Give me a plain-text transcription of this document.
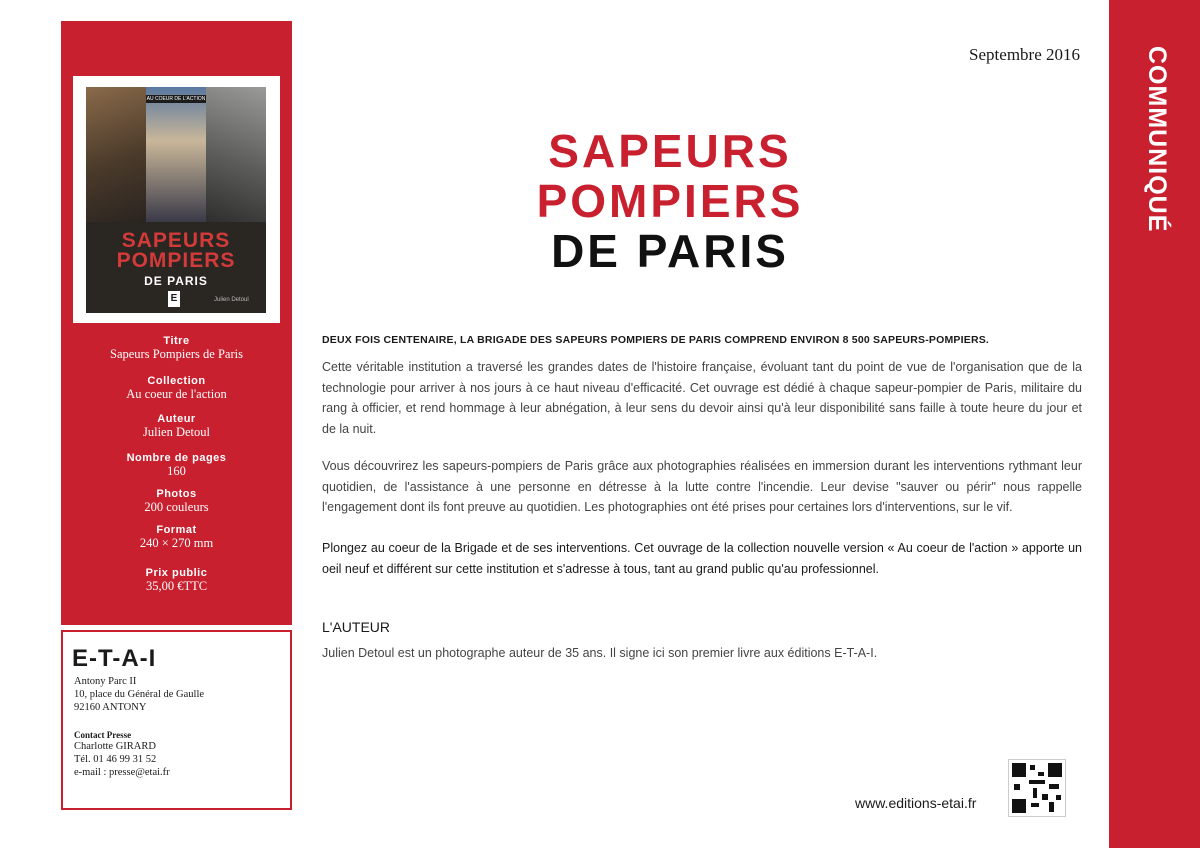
AU COEUR DE L'ACTION
SAPEURS
POMPIERS
DE PARIS
E	Julien Detoul
Titre
Sapeurs Pompiers de Paris
Collection
Au coeur de l'action
Auteur
Julien Detoul
Nombre de pages
160
Photos
200 couleurs
Format
240 × 270 mm
Prix public
35,00 €TTC
E-T-A-I
Antony Parc II
10, place du Général de Gaulle
92160 ANTONY
Contact Presse
Charlotte GIRARD
Tél. 01 46 99 31 52
e-mail : presse@etai.fr
COMMUNIQUÉ
Septembre 2016
SAPEURS
POMPIERS
DE PARIS
DEUX FOIS CENTENAIRE, LA BRIGADE DES SAPEURS POMPIERS DE PARIS COMPREND ENVIRON 8 500 SAPEURS-POMPIERS.
Cette véritable institution a traversé les grandes dates de l'histoire française, évoluant tant du point de vue de l'organisation que de la technologie pour arriver à nos jours à ce haut niveau d'efficacité. Cet ouvrage est dédié à chaque sapeur-pompier de Paris, militaire du rang à officier, et rend hommage à leur abnégation, à leur sens du devoir ainsi qu'à leur disponibilité sans faille à toute heure du jour et de la nuit.
Vous découvrirez les sapeurs-pompiers de Paris grâce aux photographies réalisées en immersion durant les interventions rythmant leur quotidien, de l'assistance à une personne en détresse à la lutte contre l'incendie. Leur devise "sauver ou périr" nous rappelle l'engagement dont ils font preuve au quotidien. Les photographies ont été prises pour certaines lors d'interventions, sur le vif.
Plongez au coeur de la Brigade et de ses interventions. Cet ouvrage de la collection nouvelle version « Au coeur de l'action » apporte un oeil neuf et différent sur cette institution et s'adresse à tous, tant au grand public qu'au professionnel.
L'AUTEUR
Julien Detoul est un photographe auteur de 35 ans. Il signe ici son premier livre aux éditions E-T-A-I.
www.editions-etai.fr
